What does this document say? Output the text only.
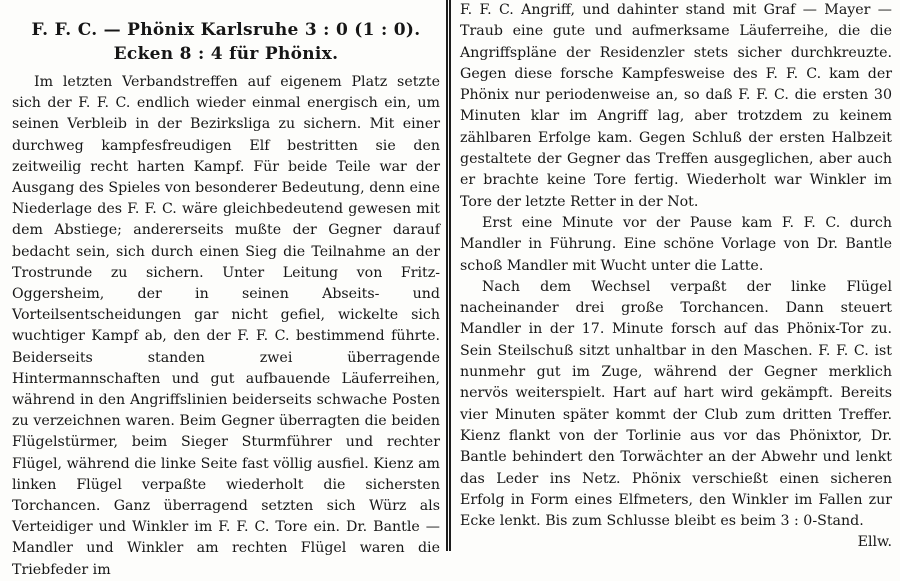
F. F. C. — Phönix Karlsruhe 3 : 0 (1 : 0).
Ecken 8 : 4 für Phönix.

Im letzten Verbandstreffen auf eigenem Platz setzte sich der F. F. C. endlich wieder einmal energisch ein, um seinen Verbleib in der Bezirksliga zu sichern. Mit einer durchweg kampfesfreudigen Elf bestritten sie den zeitweilig recht harten Kampf. Für beide Teile war der Ausgang des Spieles von besonderer Bedeutung, denn eine Niederlage des F. F. C. wäre gleichbedeutend gewesen mit dem Abstiege; andererseits mußte der Gegner darauf bedacht sein, sich durch einen Sieg die Teilnahme an der Trostrunde zu sichern. Unter Leitung von Fritz-Oggersheim, der in seinen Abseits- und Vorteilsentscheidungen gar nicht gefiel, wickelte sich wuchtiger Kampf ab, den der F. F. C. bestimmend führte. Beiderseits standen zwei überragende Hintermannschaften und gut aufbauende Läuferreihen, während in den Angriffslinien beiderseits schwache Posten zu verzeichnen waren. Beim Gegner überragten die beiden Flügelstürmer, beim Sieger Sturmführer und rechter Flügel, während die linke Seite fast völlig ausfiel. Kienz am linken Flügel verpaßte wiederholt die sichersten Torchancen. Ganz überragend setzten sich Würz als Verteidiger und Winkler im F. F. C. Tore ein. Dr. Bantle — Mandler und Winkler am rechten Flügel waren die Triebfeder im

F. F. C. Angriff, und dahinter stand mit Graf — Mayer — Traub eine gute und aufmerksame Läuferreihe, die die Angriffspläne der Residenzler stets sicher durchkreuzte. Gegen diese forsche Kampfesweise des F. F. C. kam der Phönix nur periodenweise an, so daß F. F. C. die ersten 30 Minuten klar im Angriff lag, aber trotzdem zu keinem zählbaren Erfolge kam. Gegen Schluß der ersten Halbzeit gestaltete der Gegner das Treffen ausgeglichen, aber auch er brachte keine Tore fertig. Wiederholt war Winkler im Tore der letzte Retter in der Not.

Erst eine Minute vor der Pause kam F. F. C. durch Mandler in Führung. Eine schöne Vorlage von Dr. Bantle schoß Mandler mit Wucht unter die Latte.

Nach dem Wechsel verpaßt der linke Flügel nacheinander drei große Torchancen. Dann steuert Mandler in der 17. Minute forsch auf das Phönix-Tor zu. Sein Steilschuß sitzt unhaltbar in den Maschen. F. F. C. ist nunmehr gut im Zuge, während der Gegner merklich nervös weiterspielt. Hart auf hart wird gekämpft. Bereits vier Minuten später kommt der Club zum dritten Treffer. Kienz flankt von der Torlinie aus vor das Phönixtor, Dr. Bantle behindert den Torwächter an der Abwehr und lenkt das Leder ins Netz. Phönix verschießt einen sicheren Erfolg in Form eines Elfmeters, den Winkler im Fallen zur Ecke lenkt. Bis zum Schlusse bleibt es beim 3 : 0-Stand.

Ellw.
